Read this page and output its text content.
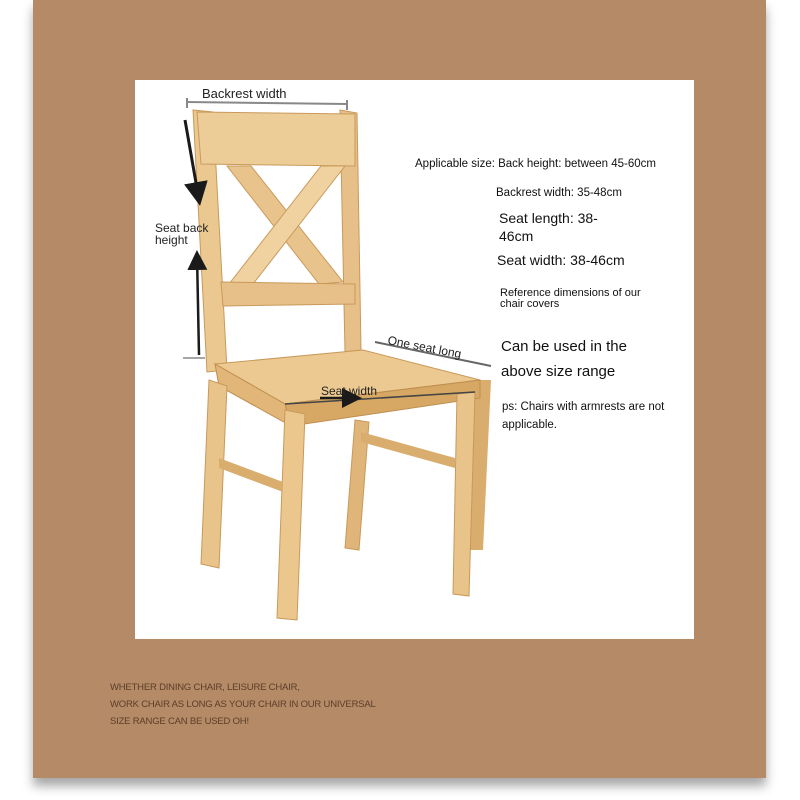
Backrest width
Seat back height
One seat long
Seat width
Applicable size: Back height: between 45-60cm
Backrest width: 35-48cm
Seat length: 38-46cm
Seat width: 38-46cm
Reference dimensions of our chair covers
Can be used in the above size range
ps: Chairs with armrests are not applicable.
WHETHER DINING CHAIR, LEISURE CHAIR,
WORK CHAIR AS LONG AS YOUR CHAIR IN OUR UNIVERSAL
SIZE RANGE CAN BE USED OH!
